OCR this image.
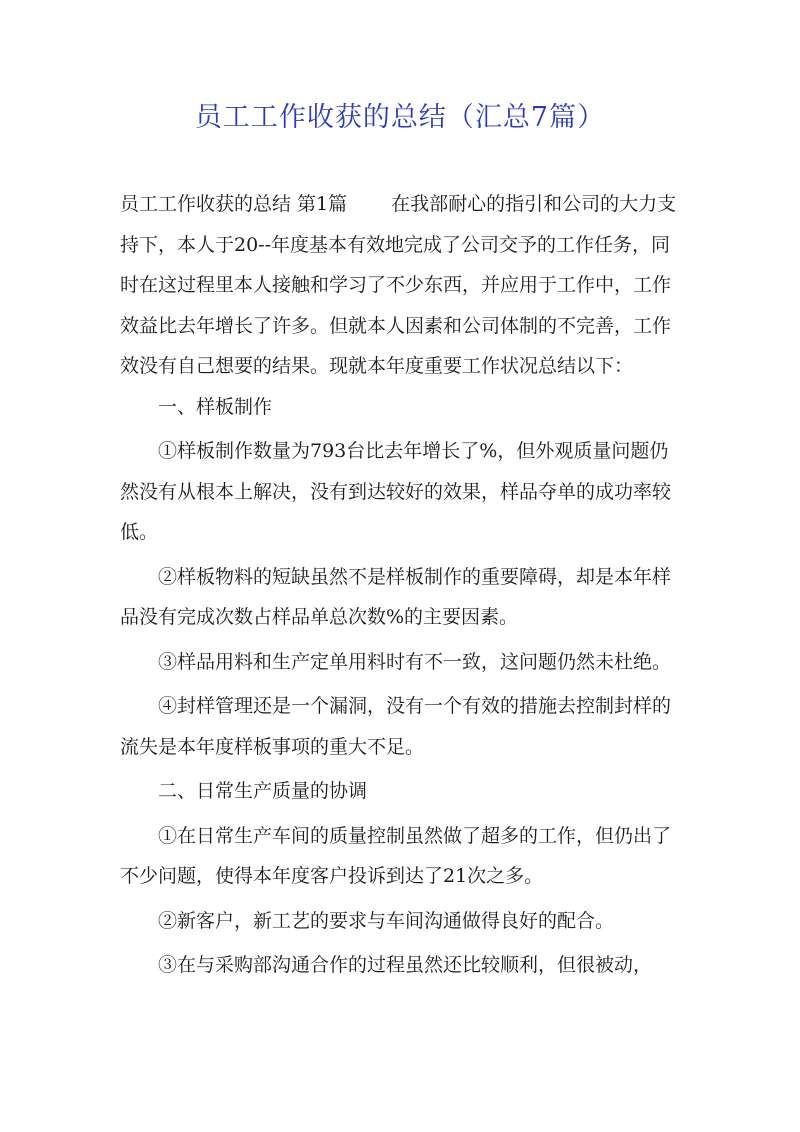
员工工作收获的总结（汇总7篇）

员工工作收获的总结 第1篇 在我部耐心的指引和公司的大力支持下，本人于20--年度基本有效地完成了公司交予的工作任务，同时在这过程里本人接触和学习了不少东西，并应用于工作中，工作效益比去年增长了许多。但就本人因素和公司体制的不完善，工作效没有自己想要的结果。现就本年度重要工作状况总结以下：

一、样板制作

①样板制作数量为793台比去年增长了%，但外观质量问题仍然没有从根本上解决，没有到达较好的效果，样品夺单的成功率较低。

②样板物料的短缺虽然不是样板制作的重要障碍，却是本年样品没有完成次数占样品单总次数%的主要因素。

③样品用料和生产定单用料时有不一致，这问题仍然未杜绝。

④封样管理还是一个漏洞，没有一个有效的措施去控制封样的流失是本年度样板事项的重大不足。

二、日常生产质量的协调

①在日常生产车间的质量控制虽然做了超多的工作，但仍出了不少问题，使得本年度客户投诉到达了21次之多。

②新客户，新工艺的要求与车间沟通做得良好的配合。

③在与采购部沟通合作的过程虽然还比较顺利，但很被动，
